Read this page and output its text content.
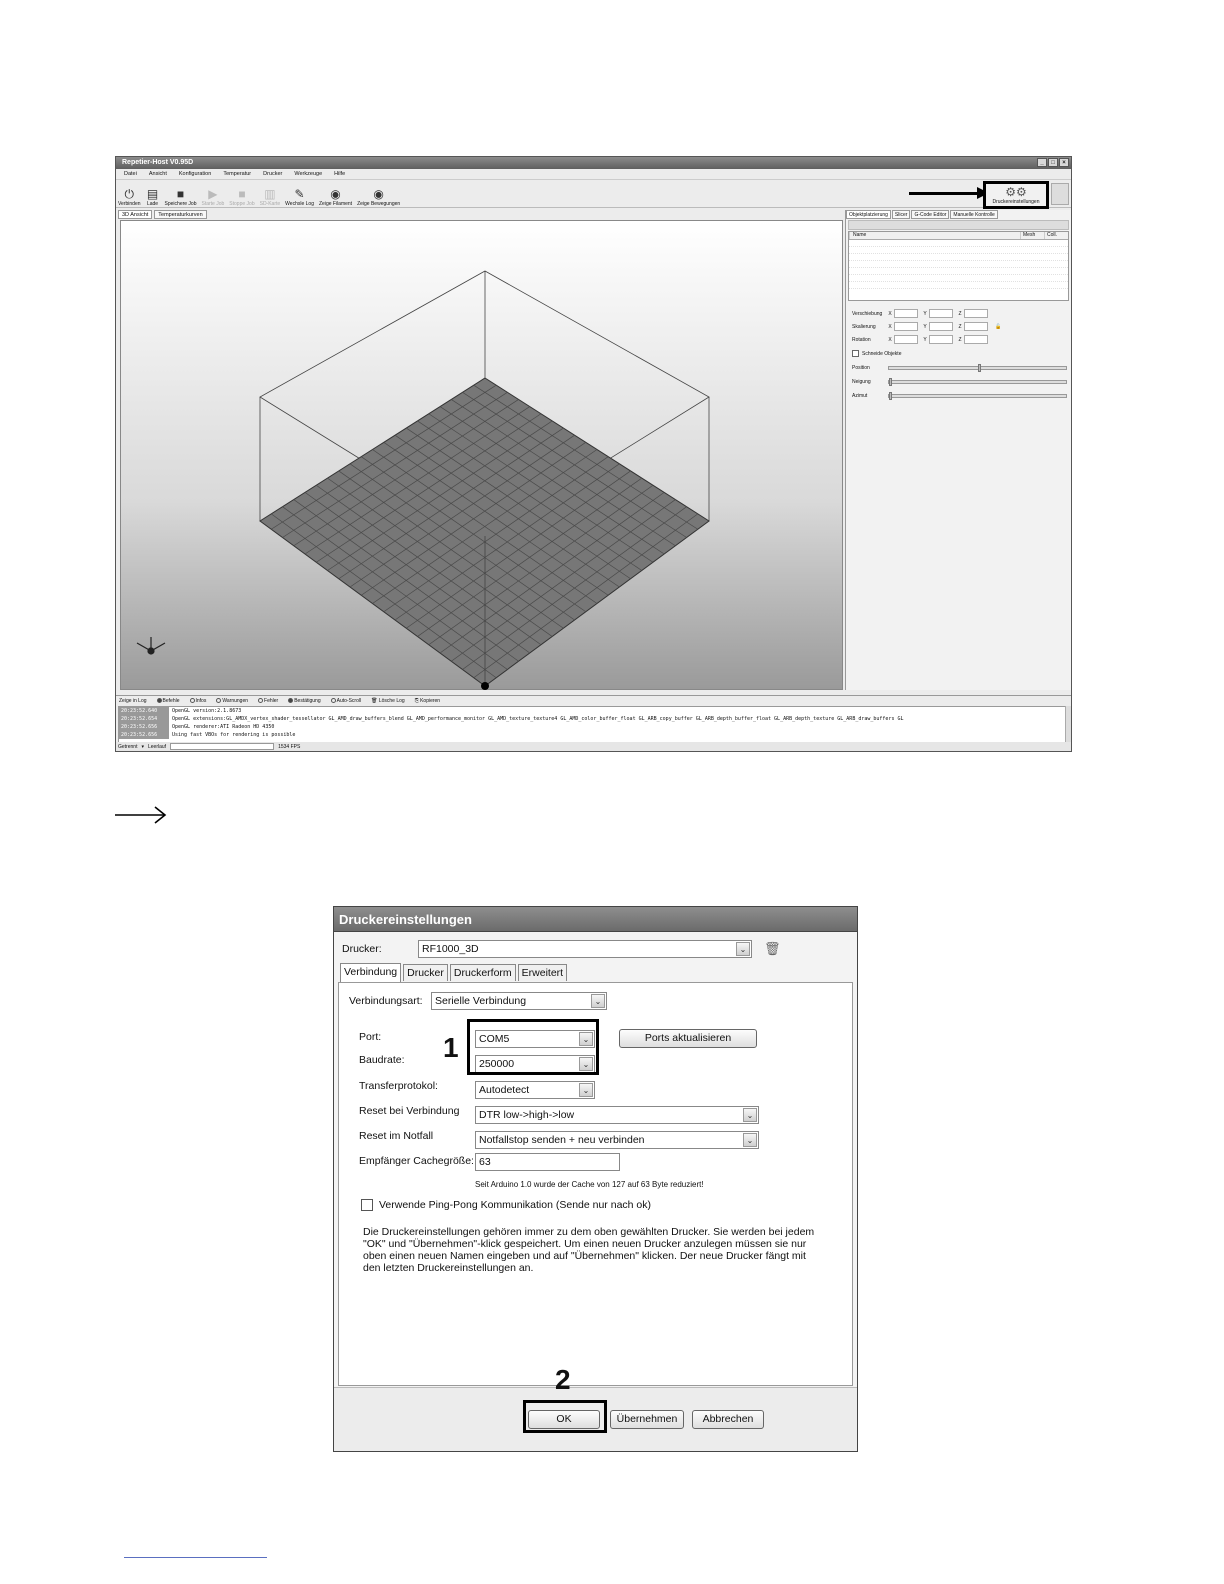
Repetier-Host V0.95D	_	□	×
Datei Ansicht Konfiguration Temperatur Drucker Werkzeuge Hilfe
⏻
Verbinden
▤
Lade
■
Speichere Job
▶
Starte Job
■
Stoppe Job
▥
SD-Karte
✎
Wechsle Log
◉
Zeige Filament
◉
Zeige Bewegungen
⚙⚙
Druckereinstellungen
3D Ansicht	Temperaturkurven	Objektplatzierung	Slicer	G-Code Editor	Manuelle Kontrolle
Name	Mesh	Coll.
Verschiebung	X	Y	Z
Skalierung	X	Y	Z	🔓
Rotation	X	Y	Z
Schneide Objekte
Position
Neigung
Azimut
Zeige in Log	Befehle	Infos	Warnungen	Fehler	Bestätigung	Auto-Scroll 🗑 Lösche Log ⎘ Kopieren
20:23:52.640	OpenGL version:2.1.8673
20:23:52.654	OpenGL extensions:GL_AMDX_vertex_shader_tessellator GL_AMD_draw_buffers_blend GL_AMD_performance_monitor GL_AMD_texture_texture4 GL_AMD_color_buffer_float GL_ARB_copy_buffer GL_ARB_depth_buffer_float GL_ARB_depth_texture GL_ARB_draw_buffers GL
20:23:52.656	OpenGL renderer:ATI Radeon HD 4350
20:23:52.656	Using fast VBOs for rendering is possible
Getrennt ▾ Leerlauf	1534 FPS
Druckereinstellungen
Drucker:	RF1000_3D	⌄ 🗑
Verbindung Drucker Druckerform Erweitert
Verbindungsart:	Serielle Verbindung	⌄
Port:	COM5	⌄	Ports aktualisieren
Baudrate:	250000	⌄
Transferprotokol:	Autodetect	⌄
Reset bei Verbindung	DTR low->high->low	⌄
Reset im Notfall	Notfallstop senden + neu verbinden	⌄
Empfänger Cachegröße: 63
Seit Arduino 1.0 wurde der Cache von 127 auf 63 Byte reduziert!
Verwende Ping-Pong Kommunikation (Sende nur nach ok)
Die Druckereinstellungen gehören immer zu dem oben gewählten Drucker. Sie werden bei jedem "OK" und "Übernehmen"-klick gespeichert. Um einen neuen Drucker anzulegen müssen sie nur oben einen neuen Namen eingeben und auf "Übernehmen" klicken. Der neue Drucker fängt mit den letzten Druckereinstellungen an.
OK	Übernehmen	Abbrechen
1
2
